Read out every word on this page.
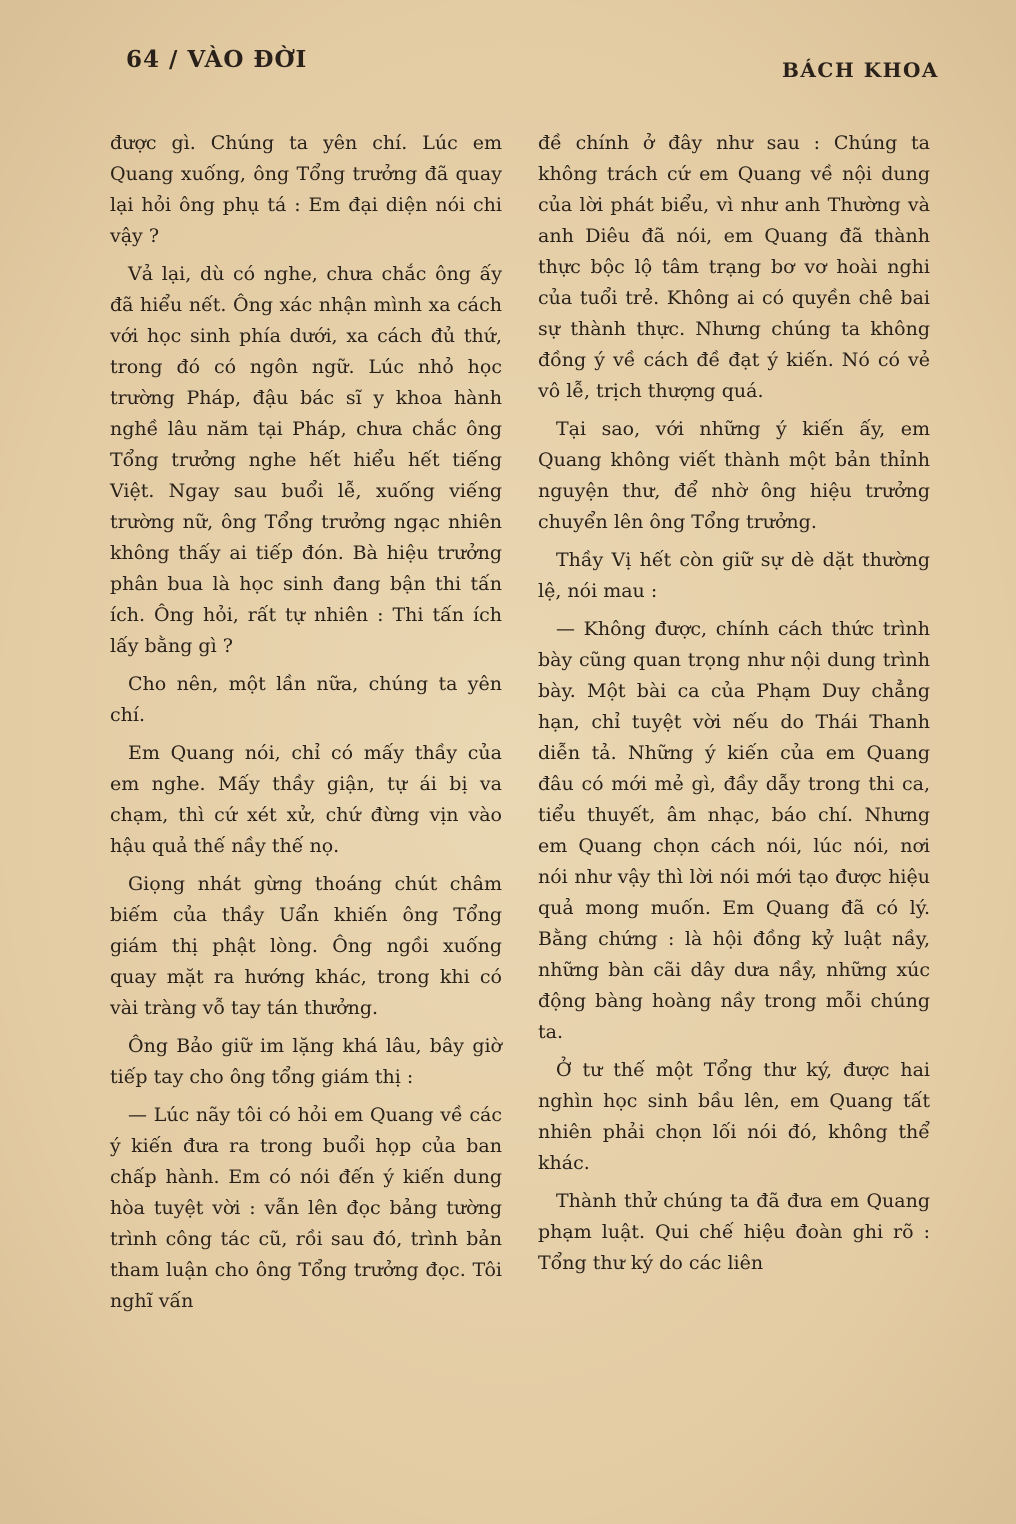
64 / VÀO ĐỜI	BÁCH KHOA

được gì. Chúng ta yên chí. Lúc em Quang xuống, ông Tổng trưởng đã quay lại hỏi ông phụ tá : Em đại diện nói chi vậy ?

Vả lại, dù có nghe, chưa chắc ông ấy đã hiểu nết. Ông xác nhận mình xa cách với học sinh phía dưới, xa cách đủ thứ, trong đó có ngôn ngữ. Lúc nhỏ học trường Pháp, đậu bác sĩ y khoa hành nghề lâu năm tại Pháp, chưa chắc ông Tổng trưởng nghe hết hiểu hết tiếng Việt. Ngay sau buổi lễ, xuống viếng trường nữ, ông Tổng trưởng ngạc nhiên không thấy ai tiếp đón. Bà hiệu trưởng phân bua là học sinh đang bận thi tấn ích. Ông hỏi, rất tự nhiên : Thi tấn ích lấy bằng gì ?

Cho nên, một lần nữa, chúng ta yên chí.

Em Quang nói, chỉ có mấy thầy của em nghe. Mấy thầy giận, tự ái bị va chạm, thì cứ xét xử, chứ đừng vịn vào hậu quả thế nầy thế nọ.

Giọng nhát gừng thoáng chút châm biếm của thầy Uẩn khiến ông Tổng giám thị phật lòng. Ông ngồi xuống quay mặt ra hướng khác, trong khi có vài tràng vỗ tay tán thưởng.

Ông Bảo giữ im lặng khá lâu, bây giờ tiếp tay cho ông tổng giám thị :

— Lúc nãy tôi có hỏi em Quang về các ý kiến đưa ra trong buổi họp của ban chấp hành. Em có nói đến ý kiến dung hòa tuyệt vời : vẫn lên đọc bảng tường trình công tác cũ, rồi sau đó, trình bản tham luận cho ông Tổng trưởng đọc. Tôi nghĩ vấn

đề chính ở đây như sau : Chúng ta không trách cứ em Quang về nội dung của lời phát biểu, vì như anh Thường và anh Diêu đã nói, em Quang đã thành thực bộc lộ tâm trạng bơ vơ hoài nghi của tuổi trẻ. Không ai có quyền chê bai sự thành thực. Nhưng chúng ta không đồng ý về cách đề đạt ý kiến. Nó có vẻ vô lễ, trịch thượng quá.

Tại sao, với những ý kiến ấy, em Quang không viết thành một bản thỉnh nguyện thư, để nhờ ông hiệu trưởng chuyển lên ông Tổng trưởng.

Thầy Vị hết còn giữ sự dè dặt thường lệ, nói mau :

— Không được, chính cách thức trình bày cũng quan trọng như nội dung trình bày. Một bài ca của Phạm Duy chẳng hạn, chỉ tuyệt vời nếu do Thái Thanh diễn tả. Những ý kiến của em Quang đâu có mới mẻ gì, đầy dẫy trong thi ca, tiểu thuyết, âm nhạc, báo chí. Nhưng em Quang chọn cách nói, lúc nói, nơi nói như vậy thì lời nói mới tạo được hiệu quả mong muốn. Em Quang đã có lý. Bằng chứng : là hội đồng kỷ luật nầy, những bàn cãi dây dưa nầy, những xúc động bàng hoàng nầy trong mỗi chúng ta.

Ở tư thế một Tổng thư ký, được hai nghìn học sinh bầu lên, em Quang tất nhiên phải chọn lối nói đó, không thể khác.

Thành thử chúng ta đã đưa em Quang phạm luật. Qui chế hiệu đoàn ghi rõ : Tổng thư ký do các liên
